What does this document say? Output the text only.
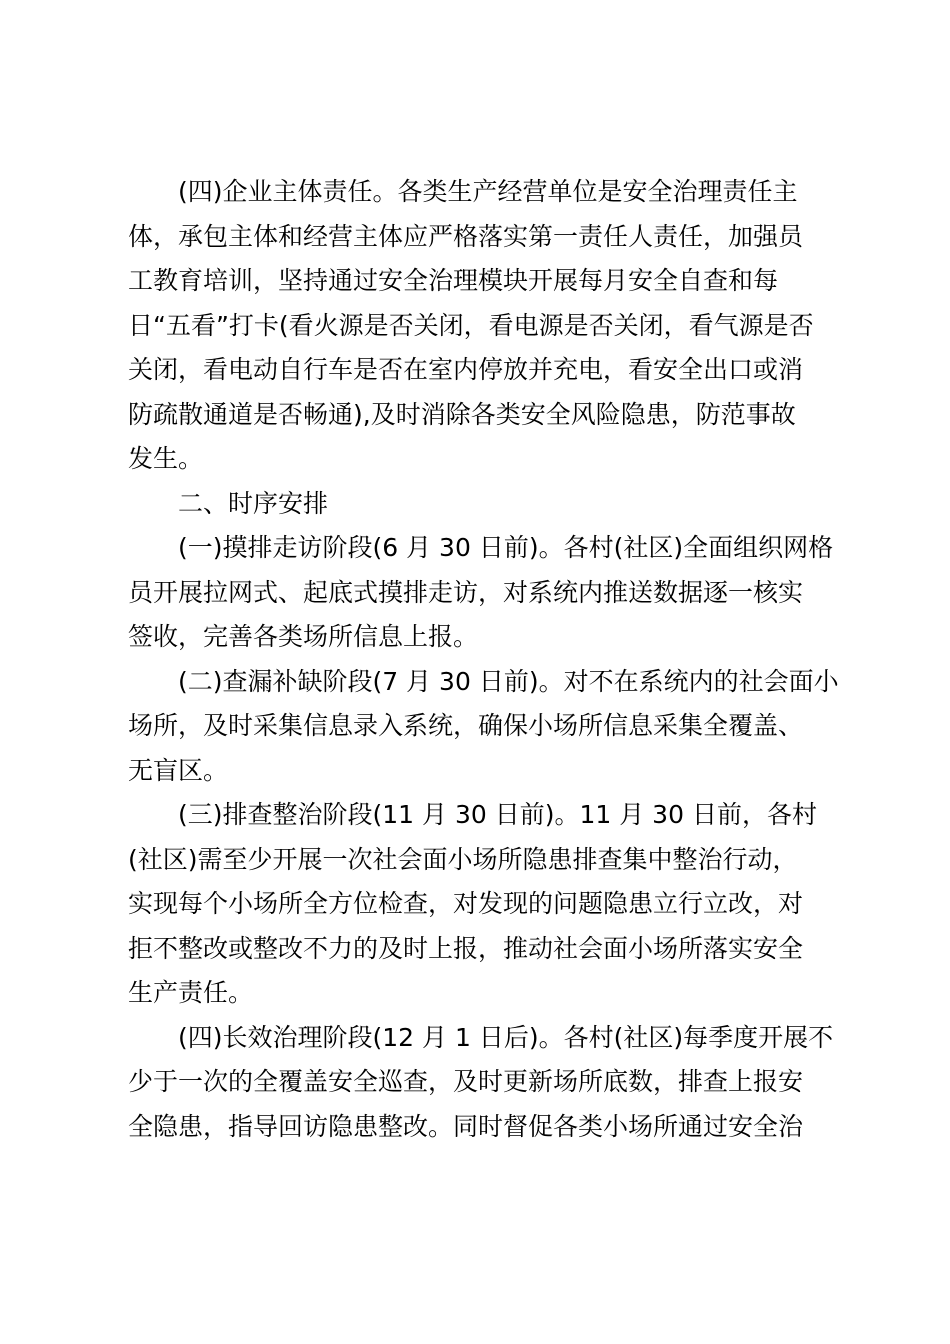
(四)企业主体责任。各类生产经营单位是安全治理责任主
体，承包主体和经营主体应严格落实第一责任人责任，加强员
工教育培训，坚持通过安全治理模块开展每月安全自查和每
日“五看”打卡(看火源是否关闭，看电源是否关闭，看气源是否
关闭，看电动自行车是否在室内停放并充电，看安全出口或消
防疏散通道是否畅通),及时消除各类安全风险隐患，防范事故
发生。
二、时序安排
(一)摸排走访阶段(6 月 30 日前)。各村(社区)全面组织网格
员开展拉网式、起底式摸排走访，对系统内推送数据逐一核实
签收，完善各类场所信息上报。
(二)查漏补缺阶段(7 月 30 日前)。对不在系统内的社会面小
场所，及时采集信息录入系统，确保小场所信息采集全覆盖、
无盲区。
(三)排查整治阶段(11 月 30 日前)。11 月 30 日前，各村
(社区)需至少开展一次社会面小场所隐患排查集中整治行动，
实现每个小场所全方位检查，对发现的问题隐患立行立改，对
拒不整改或整改不力的及时上报，推动社会面小场所落实安全
生产责任。
(四)长效治理阶段(12 月 1 日后)。各村(社区)每季度开展不
少于一次的全覆盖安全巡查，及时更新场所底数，排查上报安
全隐患，指导回访隐患整改。同时督促各类小场所通过安全治
